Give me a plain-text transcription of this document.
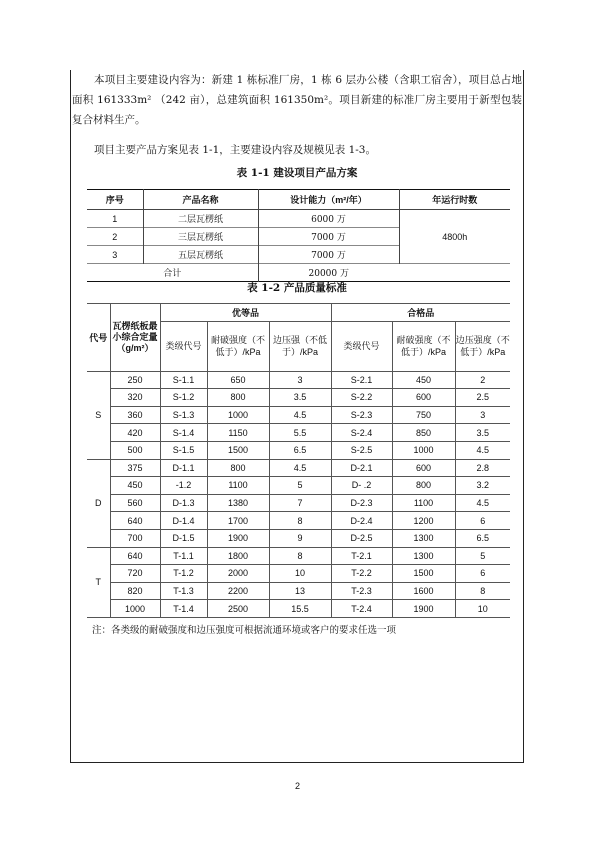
本项目主要建设内容为：新建 1 栋标准厂房，1 栋 6 层办公楼（含职工宿舍），项目总占地面积 161333m² （242 亩），总建筑面积 161350m²。项目新建的标准厂房主要用于新型包装复合材料生产。
项目主要产品方案见表 1-1，主要建设内容及规模见表 1-3。
表 1-1 建设项目产品方案
序号	产品名称	设计能力（m²/年）	年运行时数
1	二层瓦楞纸	6000 万	4800h
2	三层瓦楞纸	7000 万	
3	五层瓦楞纸	7000 万	
合计		20000 万	
表 1-2 产品质量标准
代号	瓦楞纸板最小综合定量（g/m²）	优等品			合格品		
		类级代号	耐破强度（不低于）/kPa	边压强（不低于）/kPa	类级代号	耐破强度（不低于）/kPa	边压强度（不低于）/kPa
S	250	S-1.1	650	3	S-2.1	450	2
	320	S-1.2	800	3.5	S-2.2	600	2.5
	360	S-1.3	1000	4.5	S-2.3	750	3
	420	S-1.4	1150	5.5	S-2.4	850	3.5
	500	S-1.5	1500	6.5	S-2.5	1000	4.5
D	375	D-1.1	800	4.5	D-2.1	600	2.8
	450	-1.2	1100	5	D- .2	800	3.2
	560	D-1.3	1380	7	D-2.3	1100	4.5
	640	D-1.4	1700	8	D-2.4	1200	6
	700	D-1.5	1900	9	D-2.5	1300	6.5
T	640	T-1.1	1800	8	T-2.1	1300	5
	720	T-1.2	2000	10	T-2.2	1500	6
	820	T-1.3	2200	13	T-2.3	1600	8
	1000	T-1.4	2500	15.5	T-2.4	1900	10
注：各类级的耐破强度和边压强度可根据流通环境或客户的要求任选一项
2
